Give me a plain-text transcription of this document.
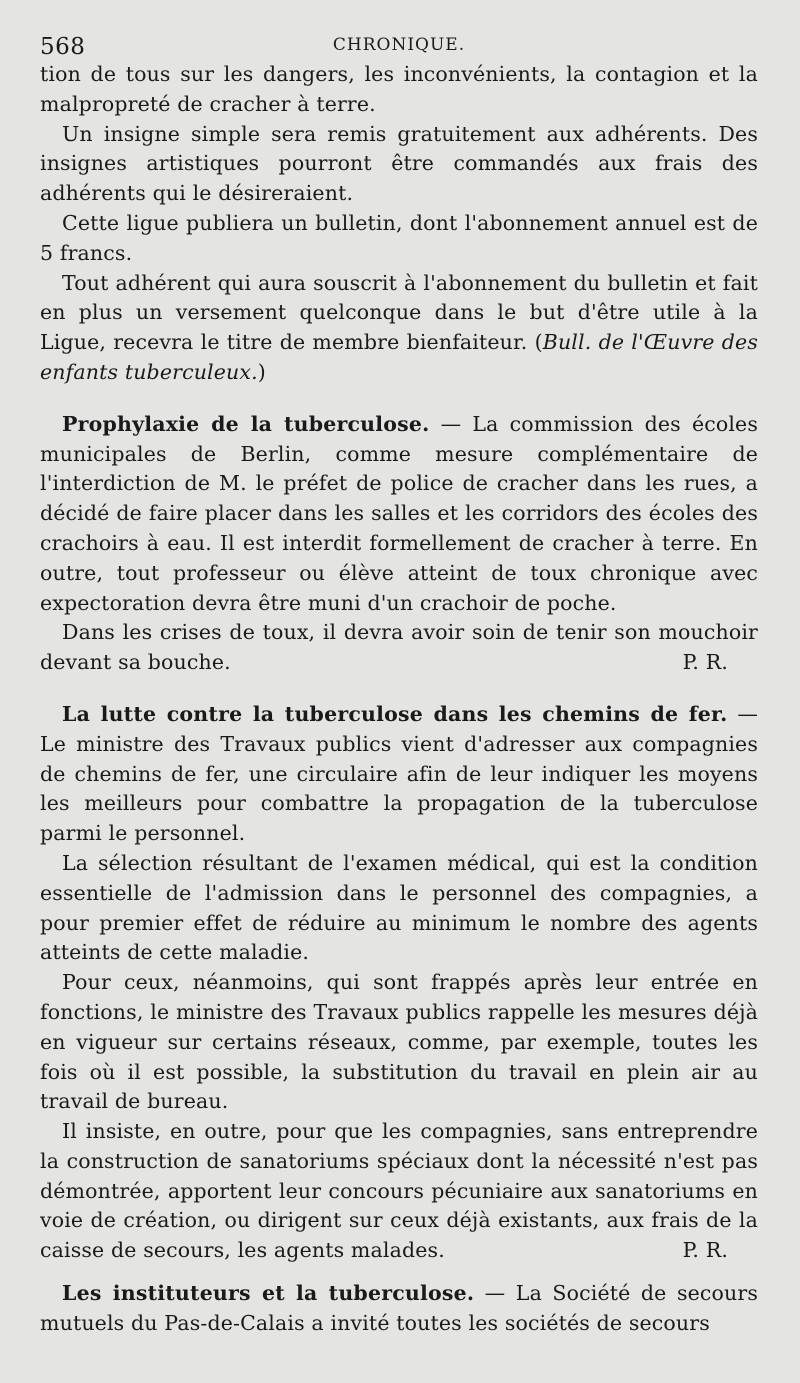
568	CHRONIQUE.

tion de tous sur les dangers, les inconvénients, la contagion et la malpropreté de cracher à terre.

Un insigne simple sera remis gratuitement aux adhérents. Des insignes artistiques pourront être commandés aux frais des adhérents qui le désireraient.

Cette ligue publiera un bulletin, dont l'abonnement annuel est de 5 francs.

Tout adhérent qui aura souscrit à l'abonnement du bulletin et fait en plus un versement quelconque dans le but d'être utile à la Ligue, recevra le titre de membre bienfaiteur. (Bull. de l'Œuvre des enfants tuberculeux.)

Prophylaxie de la tuberculose. — La commission des écoles municipales de Berlin, comme mesure complémentaire de l'interdiction de M. le préfet de police de cracher dans les rues, a décidé de faire placer dans les salles et les corridors des écoles des crachoirs à eau. Il est interdit formellement de cracher à terre. En outre, tout professeur ou élève atteint de toux chronique avec expectoration devra être muni d'un crachoir de poche.

Dans les crises de toux, il devra avoir soin de tenir son mouchoir devant sa bouche.	P. R.

La lutte contre la tuberculose dans les chemins de fer. — Le ministre des Travaux publics vient d'adresser aux compagnies de chemins de fer, une circulaire afin de leur indiquer les moyens les meilleurs pour combattre la propagation de la tuberculose parmi le personnel.

La sélection résultant de l'examen médical, qui est la condition essentielle de l'admission dans le personnel des compagnies, a pour premier effet de réduire au minimum le nombre des agents atteints de cette maladie.

Pour ceux, néanmoins, qui sont frappés après leur entrée en fonctions, le ministre des Travaux publics rappelle les mesures déjà en vigueur sur certains réseaux, comme, par exemple, toutes les fois où il est possible, la substitution du travail en plein air au travail de bureau.

Il insiste, en outre, pour que les compagnies, sans entreprendre la construction de sanatoriums spéciaux dont la nécessité n'est pas démontrée, apportent leur concours pécuniaire aux sanatoriums en voie de création, ou dirigent sur ceux déjà existants, aux frais de la caisse de secours, les agents malades.	P. R.

Les instituteurs et la tuberculose. — La Société de secours mutuels du Pas-de-Calais a invité toutes les sociétés de secours
